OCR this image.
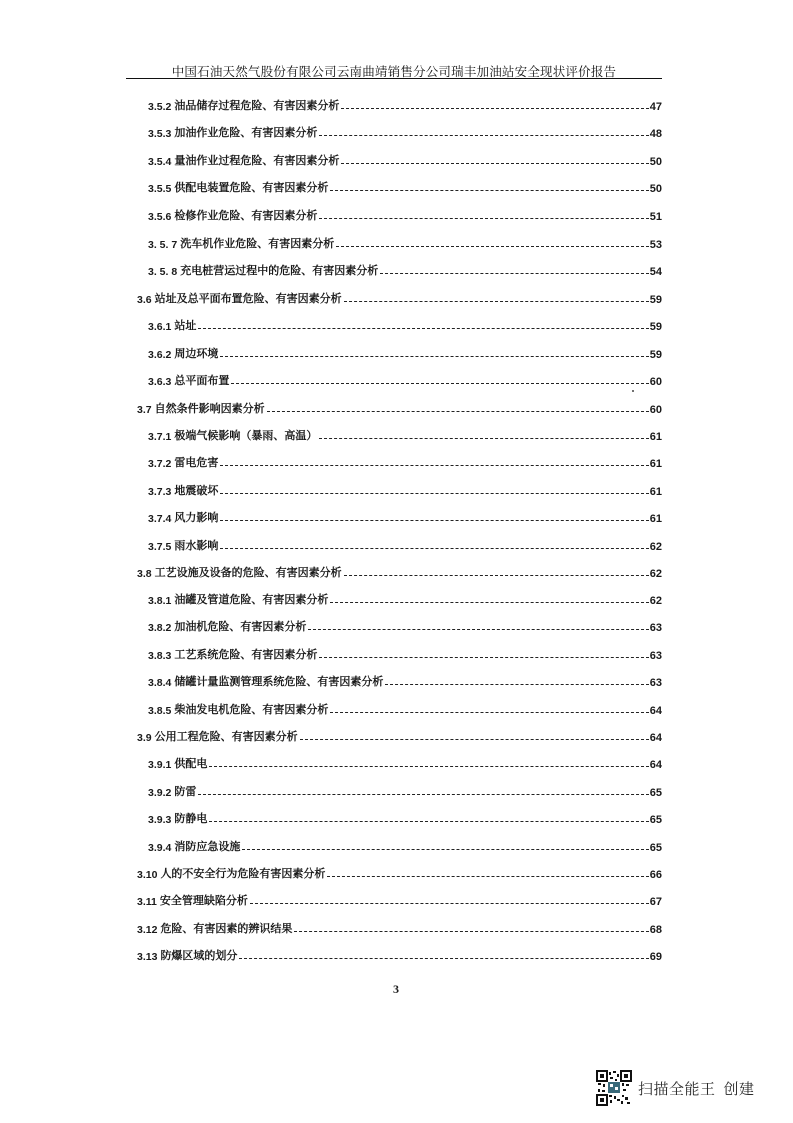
中国石油天然气股份有限公司云南曲靖销售分公司瑞丰加油站安全现状评价报告
3.5.2 油品储存过程危险、有害因素分析	47
3.5.3 加油作业危险、有害因素分析	48
3.5.4 量油作业过程危险、有害因素分析	50
3.5.5 供配电装置危险、有害因素分析	50
3.5.6 检修作业危险、有害因素分析	51
3. 5. 7 洗车机作业危险、有害因素分析	53
3. 5. 8 充电桩营运过程中的危险、有害因素分析	54
3.6 站址及总平面布置危险、有害因素分析	59
3.6.1 站址	59
3.6.2 周边环境	59
3.6.3 总平面布置	60
3.7 自然条件影响因素分析	60
3.7.1 极端气候影响（暴雨、高温）	61
3.7.2 雷电危害	61
3.7.3 地震破坏	61
3.7.4 风力影响	61
3.7.5 雨水影响	62
3.8 工艺设施及设备的危险、有害因素分析	62
3.8.1 油罐及管道危险、有害因素分析	62
3.8.2 加油机危险、有害因素分析	63
3.8.3 工艺系统危险、有害因素分析	63
3.8.4 储罐计量监测管理系统危险、有害因素分析	63
3.8.5 柴油发电机危险、有害因素分析	64
3.9 公用工程危险、有害因素分析	64
3.9.1 供配电	64
3.9.2 防雷	65
3.9.3 防静电	65
3.9.4 消防应急设施	65
3.10 人的不安全行为危险有害因素分析	66
3.11 安全管理缺陷分析	67
3.12 危险、有害因素的辨识结果	68
3.13 防爆区域的划分	69
3
扫描全能王 创建
